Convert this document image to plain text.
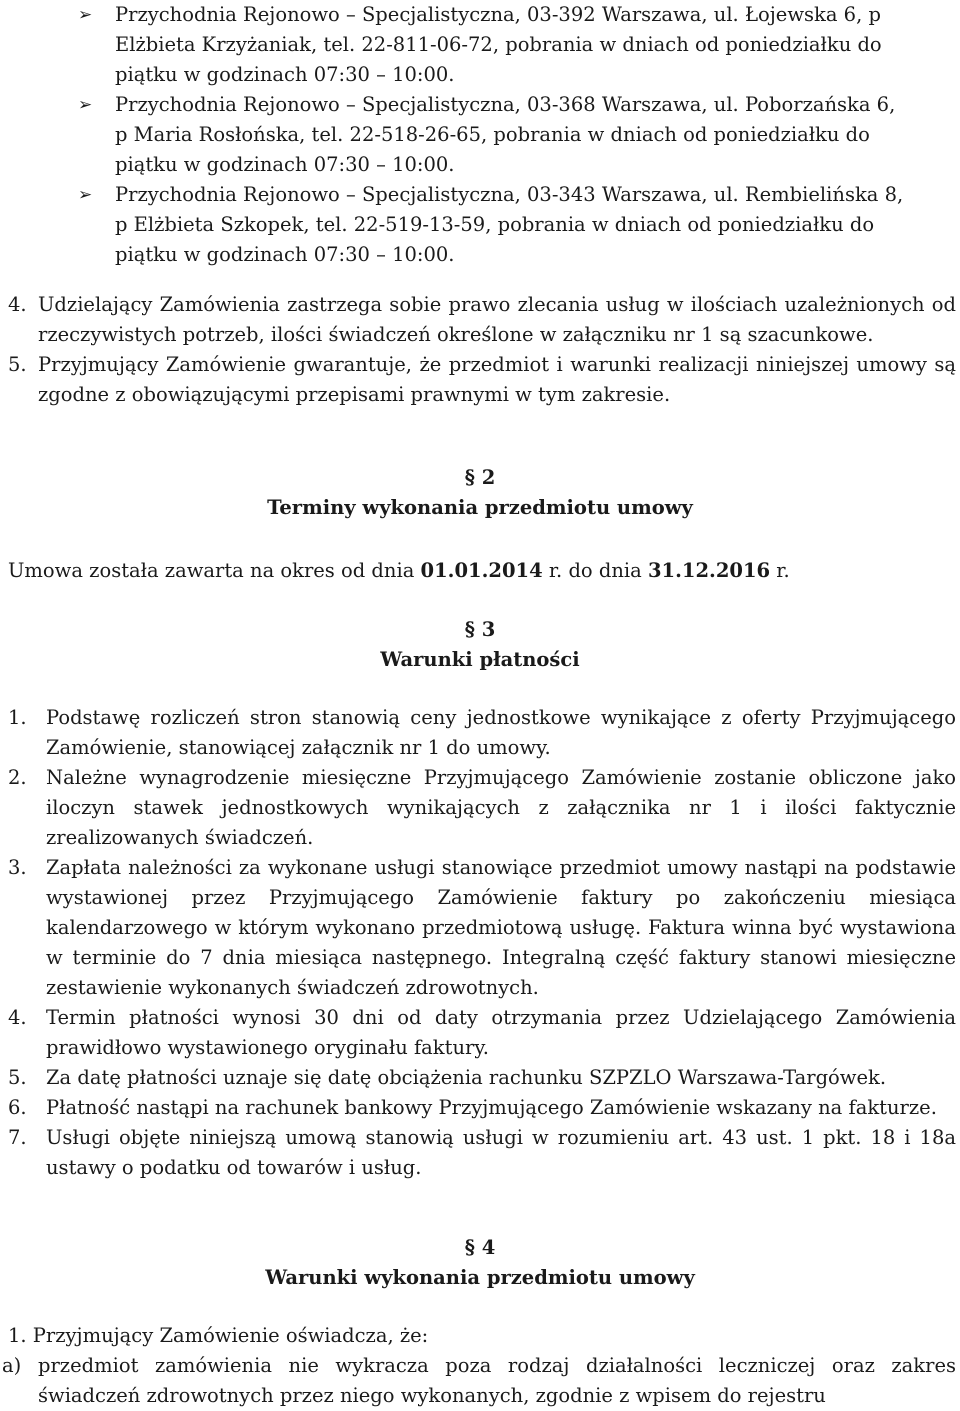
➢	Przychodnia Rejonowo – Specjalistyczna, 03-392 Warszawa, ul. Łojewska 6, p
Elżbieta Krzyżaniak, tel. 22-811-06-72, pobrania w dniach od poniedziałku do
piątku w godzinach 07:30 – 10:00.
➢	Przychodnia Rejonowo – Specjalistyczna, 03-368 Warszawa, ul. Poborzańska 6,
p Maria Rosłońska, tel. 22-518-26-65, pobrania w dniach od poniedziałku do
piątku w godzinach 07:30 – 10:00.
➢	Przychodnia Rejonowo – Specjalistyczna, 03-343 Warszawa, ul. Rembielińska 8,
p Elżbieta Szkopek, tel. 22-519-13-59, pobrania w dniach od poniedziałku do
piątku w godzinach 07:30 – 10:00.
4. Udzielający Zamówienia zastrzega sobie prawo zlecania usług w ilościach uzależnionych od rzeczywistych potrzeb, ilości świadczeń określone w załączniku nr 1 są szacunkowe.
5. Przyjmujący Zamówienie gwarantuje, że przedmiot i warunki realizacji niniejszej umowy są zgodne z obowiązującymi przepisami prawnymi w tym zakresie.
§ 2
Terminy wykonania przedmiotu umowy
Umowa została zawarta na okres od dnia 01.01.2014 r. do dnia 31.12.2016 r.
§ 3
Warunki płatności
1. Podstawę rozliczeń stron stanowią ceny jednostkowe wynikające z oferty Przyjmującego Zamówienie, stanowiącej załącznik nr 1 do umowy.
2. Należne wynagrodzenie miesięczne Przyjmującego Zamówienie zostanie obliczone jako iloczyn stawek jednostkowych wynikających z załącznika nr 1 i ilości faktycznie zrealizowanych świadczeń.
3. Zapłata należności za wykonane usługi stanowiące przedmiot umowy nastąpi na podstawie wystawionej przez Przyjmującego Zamówienie faktury po zakończeniu miesiąca kalendarzowego w którym wykonano przedmiotową usługę. Faktura winna być wystawiona w terminie do 7 dnia miesiąca następnego. Integralną część faktury stanowi miesięczne zestawienie wykonanych świadczeń zdrowotnych.
4. Termin płatności wynosi 30 dni od daty otrzymania przez Udzielającego Zamówienia prawidłowo wystawionego oryginału faktury.
5. Za datę płatności uznaje się datę obciążenia rachunku SZPZLO Warszawa-Targówek.
6. Płatność nastąpi na rachunek bankowy Przyjmującego Zamówienie wskazany na fakturze.
7. Usługi objęte niniejszą umową stanowią usługi w rozumieniu art. 43 ust. 1 pkt. 18 i 18a ustawy o podatku od towarów i usług.
§ 4
Warunki wykonania przedmiotu umowy
1. Przyjmujący Zamówienie oświadcza, że:
a) przedmiot zamówienia nie wykracza poza rodzaj działalności leczniczej oraz zakres świadczeń zdrowotnych przez niego wykonanych, zgodnie z wpisem do rejestru
